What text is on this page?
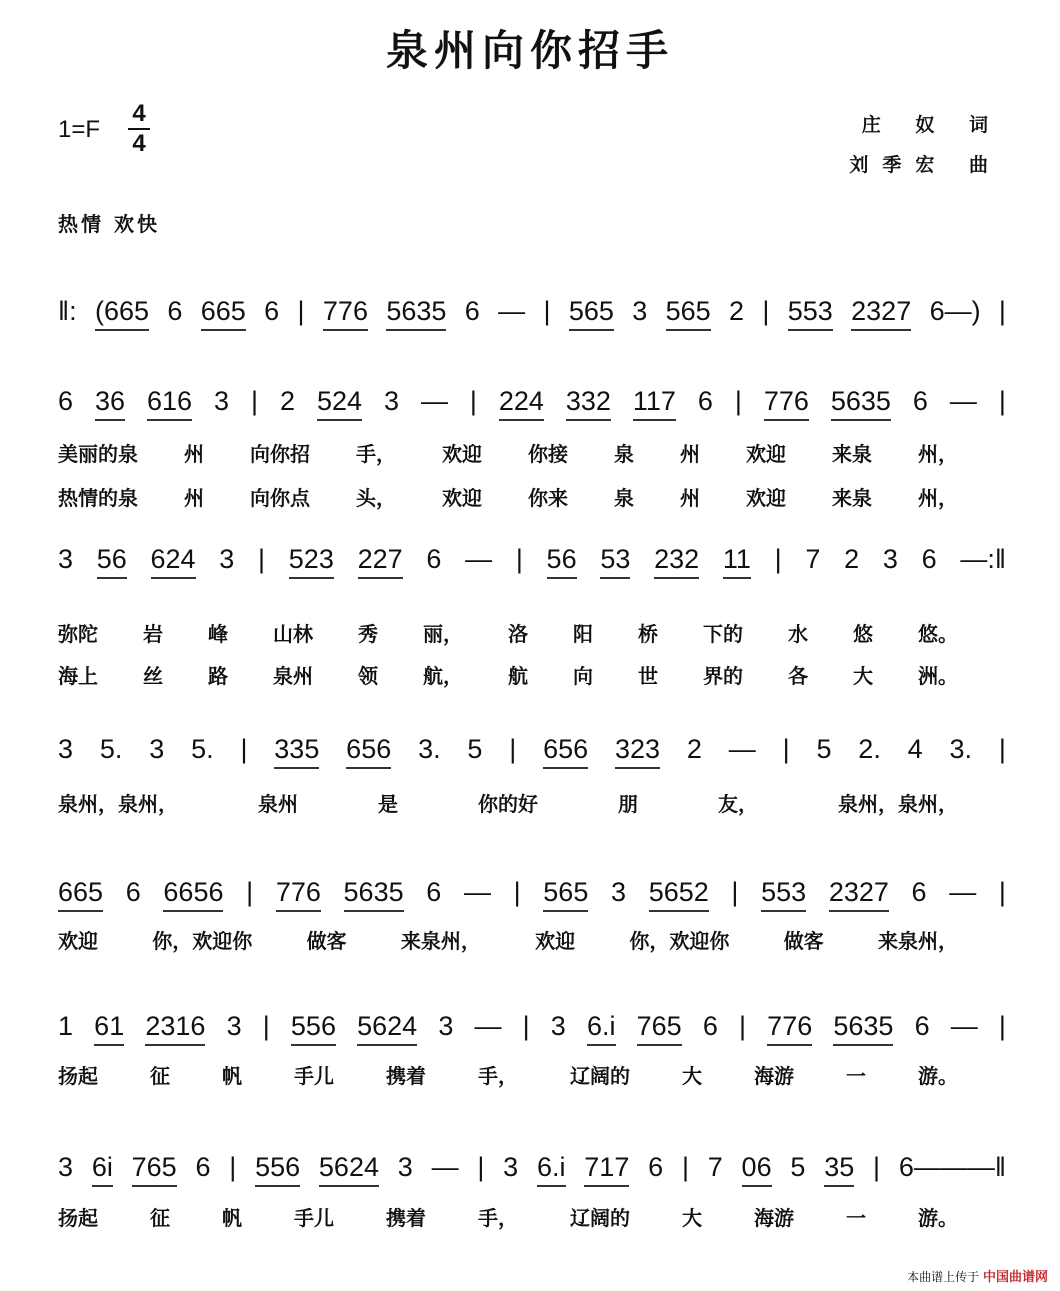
泉州向你招手
1=F
4
4
庄 奴 词
刘季宏 曲
热情 欢快
‖: (665 6 665 6 | 776 5635 6 — | 565 3 565 2 | 553 2327 6—) |
6 36 616 3 | 2 524 3 — | 224 332 117 6 | 776 5635 6 — |
美丽的泉 州 向你招 手， 欢迎 你接 泉 州 欢迎 来泉 州，
热情的泉 州 向你点 头， 欢迎 你来 泉 州 欢迎 来泉 州，
3 56 624 3 | 523 227 6 — | 56 53 232 11 | 7 2 3 6 —:‖
弥陀 岩 峰 山林 秀 丽， 洛 阳 桥 下的 水 悠 悠。
海上 丝 路 泉州 领 航， 航 向 世 界的 各 大 洲。
3 5. 3 5. | 335 656 3. 5 | 656 323 2 — | 5 2. 4 3. |
泉州，泉州，	泉州	是	你的好	朋	友，	泉州，泉州，
665 6 6656 | 776 5635 6 — | 565 3 5652 | 553 2327 6 — |
欢迎	你，欢迎你	做客	来泉州，	欢迎	你，欢迎你	做客	来泉州，
1 61 2316 3 | 556 5624 3 — | 3 6.i 765 6 | 776 5635 6 — |
扬起	征	帆	手儿	携着	手，	辽阔的	大	海游	一	游。
3 6i 765 6 | 556 5624 3 — | 3 6.i 717 6 | 7 06 5 35 | 6———‖
扬起	征	帆	手儿	携着	手，	辽阔的	大	海游	一	游。
本曲谱上传于 中国曲谱网
